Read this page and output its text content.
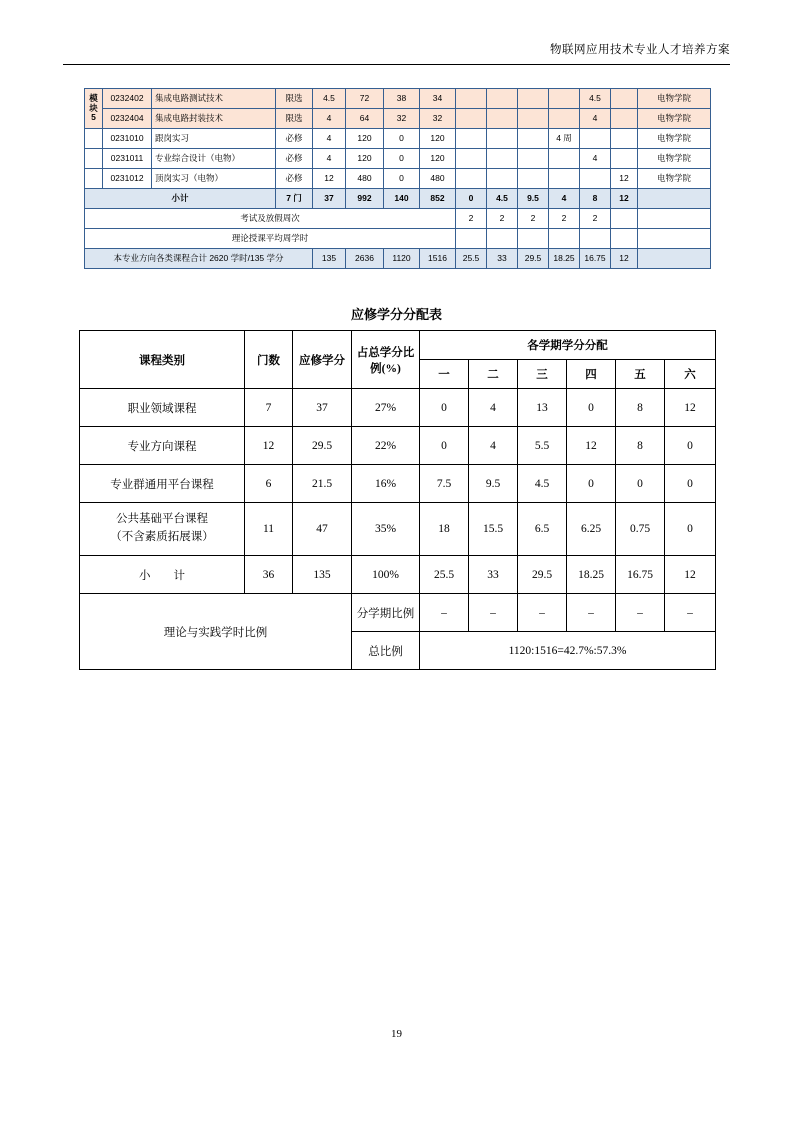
物联网应用技术专业人才培养方案
模
块
5	0232402	集成电路测试技术	限选	4.5	72	38	34					4.5		电物学院
	0232404	集成电路封装技术	限选	4	64	32	32					4		电物学院
	0231010	跟岗实习	必修	4	120	0	120				4 周			电物学院
	0231011	专业综合设计（电物）	必修	4	120	0	120					4		电物学院
	0231012	顶岗实习（电物）	必修	12	480	0	480						12	电物学院
小计			7 门	37	992	140	852	0	4.5	9.5	4	8	12	
考试及放假周次								2	2	2	2	2		
理论授课平均周学时														
本专业方向各类课程合计 2620 学时/135 学分				135	2636	1120	1516	25.5	33	29.5	18.25	16.75	12	
应修学分分配表
课程类别	门数	应修学分	占总学分比例(%)	各学期学分分配					
				一	二	三	四	五	六
职业领域课程	7	37	27%	0	4	13	0	8	12
专业方向课程	12	29.5	22%	0	4	5.5	12	8	0
专业群通用平台课程	6	21.5	16%	7.5	9.5	4.5	0	0	0
公共基础平台课程
（不含素质拓展课）	11	47	35%	18	15.5	6.5	6.25	0.75	0
小　　计	36	135	100%	25.5	33	29.5	18.25	16.75	12
理论与实践学时比例			分学期比例	–	–	–	–	–	–
			总比例	1120:1516=42.7%:57.3%					
19
